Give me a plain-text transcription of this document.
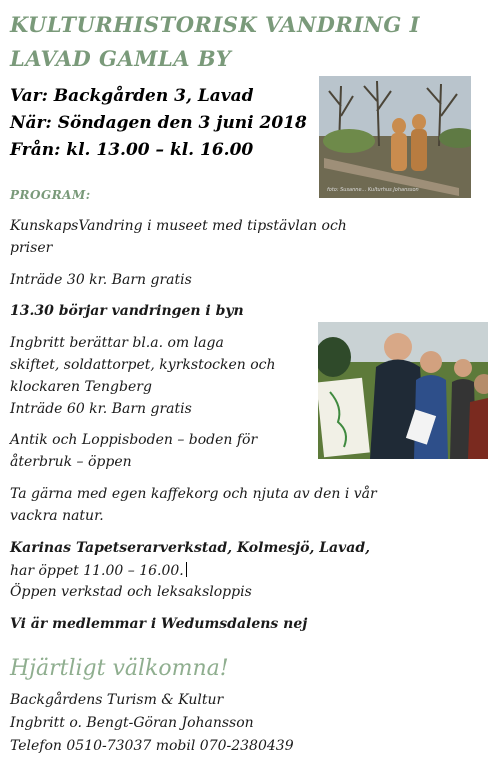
KULTURHISTORISK VANDRING I
LAVAD GAMLA BY
Var: Backgården 3, Lavad
När: Söndagen den 3 juni 2018
Från: kl. 13.00 – kl. 16.00
foto: Susanne... Kulturhus Johansson
PROGRAM:
KunskapsVandring i museet med tipstävlan och
priser
Inträde 30 kr. Barn gratis
13.30 börjar vandringen i byn
Ingbritt berättar bl.a. om laga
skiftet, soldattorpet, kyrkstocken och
klockaren Tengberg
Inträde 60 kr. Barn gratis
Antik och Loppisboden – boden för
återbruk – öppen
Ta gärna med egen kaffekorg och njuta av den i vår
vackra natur.
Karinas Tapetserarverkstad, Kolmesjö, Lavad,
har öppet 11.00 – 16.00.
Öppen verkstad och leksaksloppis
Vi är medlemmar i Wedumsdalens nej
Hjärtligt välkomna!
Backgårdens Turism & Kultur
Ingbritt o. Bengt-Göran Johansson
Telefon 0510-73037 mobil 070-2380439
